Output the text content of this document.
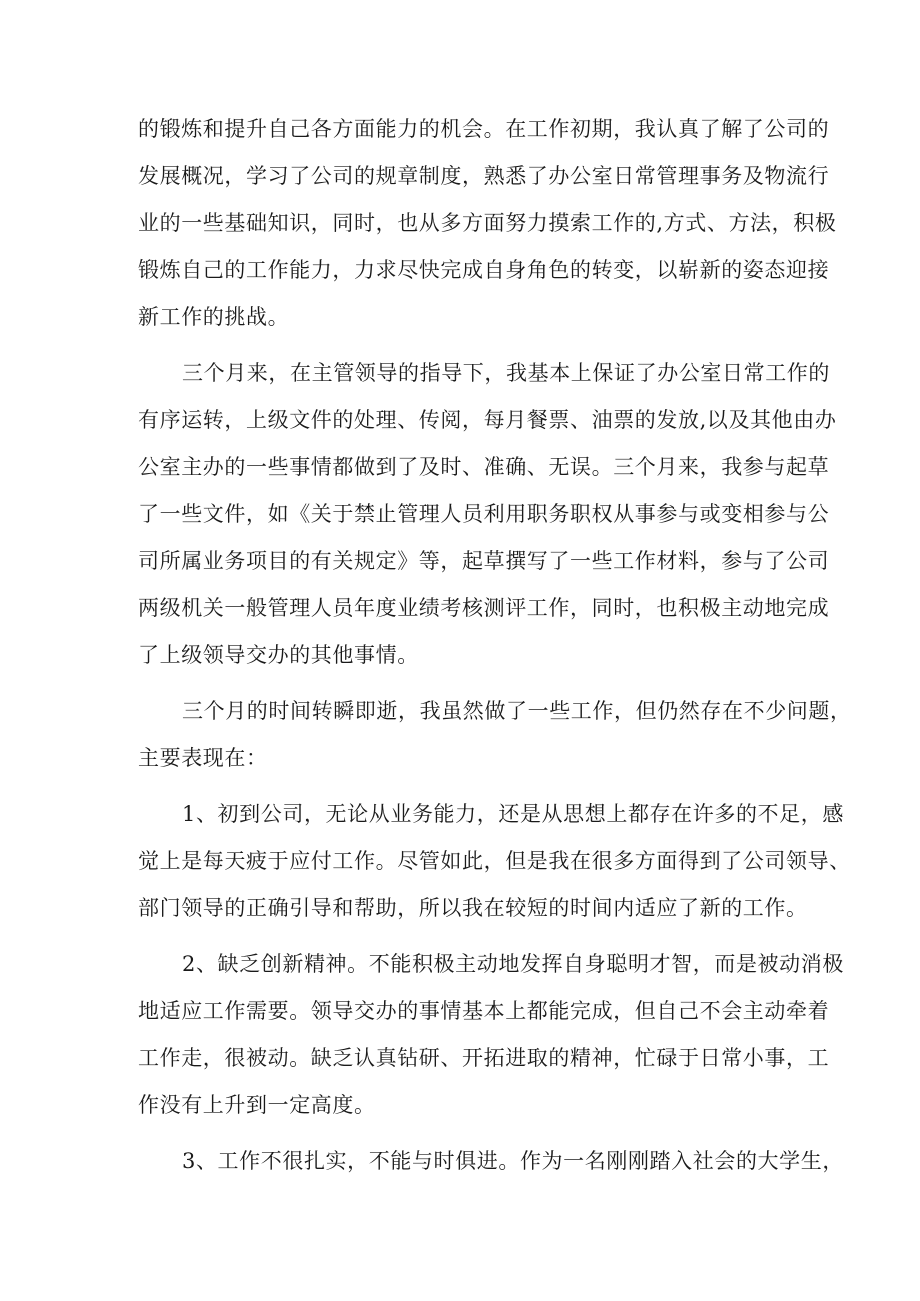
的锻炼和提升自己各方面能力的机会。在工作初期，我认真了解了公司的
发展概况，学习了公司的规章制度，熟悉了办公室日常管理事务及物流行
业的一些基础知识，同时，也从多方面努力摸索工作的,方式、方法，积极
锻炼自己的工作能力，力求尽快完成自身角色的转变，以崭新的姿态迎接
新工作的挑战。

三个月来，在主管领导的指导下，我基本上保证了办公室日常工作的
有序运转，上级文件的处理、传阅，每月餐票、油票的发放,以及其他由办
公室主办的一些事情都做到了及时、准确、无误。三个月来，我参与起草
了一些文件，如《关于禁止管理人员利用职务职权从事参与或变相参与公
司所属业务项目的有关规定》等，起草撰写了一些工作材料，参与了公司
两级机关一般管理人员年度业绩考核测评工作，同时，也积极主动地完成
了上级领导交办的其他事情。

三个月的时间转瞬即逝，我虽然做了一些工作，但仍然存在不少问题，
主要表现在：

1、初到公司，无论从业务能力，还是从思想上都存在许多的不足，感
觉上是每天疲于应付工作。尽管如此，但是我在很多方面得到了公司领导、
部门领导的正确引导和帮助，所以我在较短的时间内适应了新的工作。

2、缺乏创新精神。不能积极主动地发挥自身聪明才智，而是被动消极
地适应工作需要。领导交办的事情基本上都能完成，但自己不会主动牵着
工作走，很被动。缺乏认真钻研、开拓进取的精神，忙碌于日常小事，工
作没有上升到一定高度。

3、工作不很扎实，不能与时俱进。作为一名刚刚踏入社会的大学生，
